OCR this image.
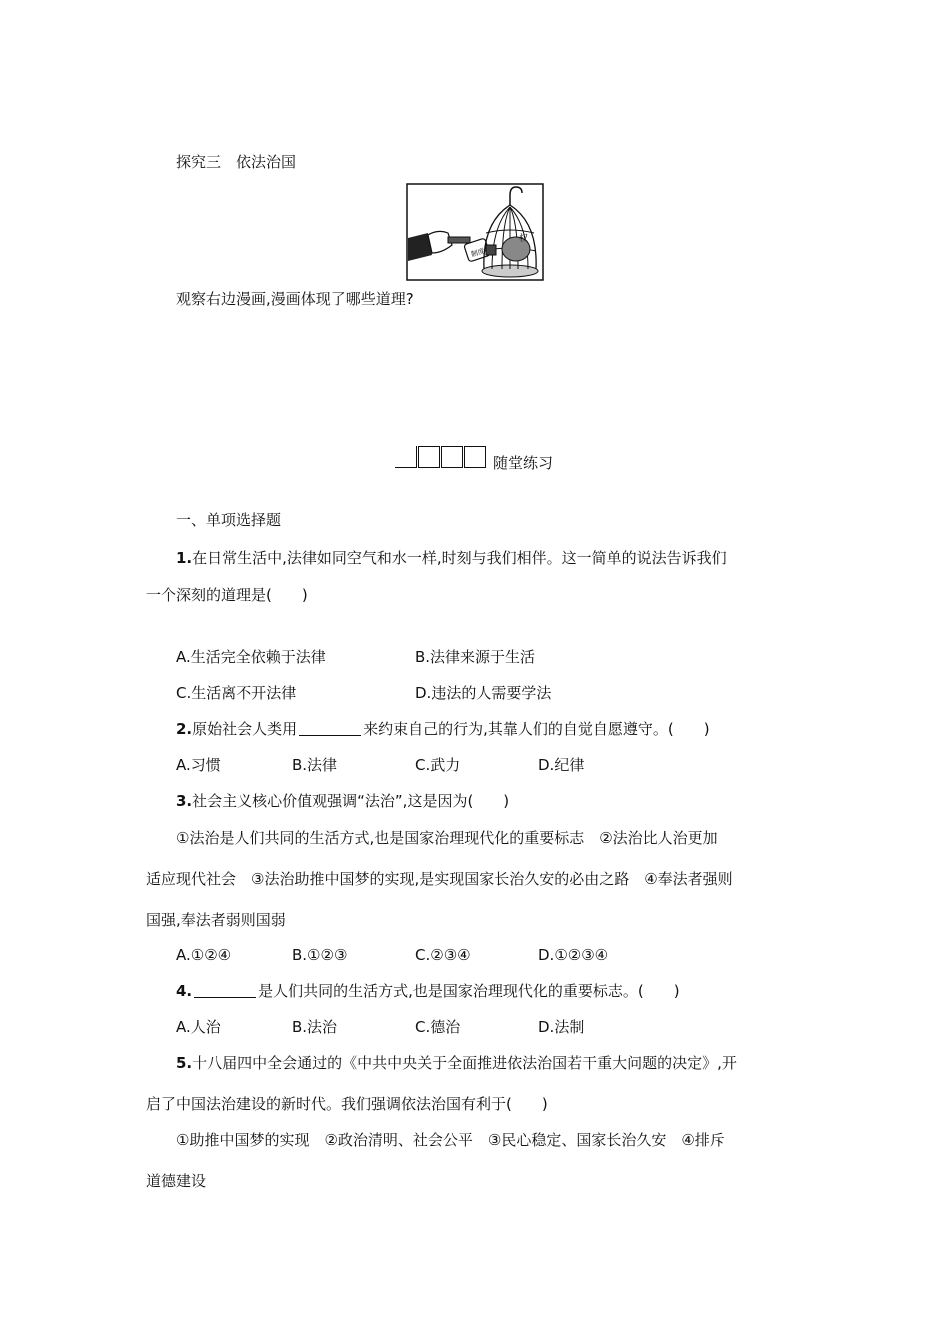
探究三　依法治国
制度
权
观察右边漫画,漫画体现了哪些道理?
随堂练习
一、单项选择题
1.在日常生活中,法律如同空气和水一样,时刻与我们相伴。这一简单的说法告诉我们
一个深刻的道理是(　　)
A.生活完全依赖于法律	B.法律来源于生活
C.生活离不开法律	D.违法的人需要学法
2.原始社会人类用	来约束自己的行为,其靠人们的自觉自愿遵守。(　　)
A.习惯	B.法律	C.武力	D.纪律
3.社会主义核心价值观强调“法治”,这是因为(　　)
①法治是人们共同的生活方式,也是国家治理现代化的重要标志　②法治比人治更加
适应现代社会　③法治助推中国梦的实现,是实现国家长治久安的必由之路　④奉法者强则
国强,奉法者弱则国弱
A.①②④	B.①②③	C.②③④	D.①②③④
4.	是人们共同的生活方式,也是国家治理现代化的重要标志。(　　)
A.人治	B.法治	C.德治	D.法制
5.十八届四中全会通过的《中共中央关于全面推进依法治国若干重大问题的决定》,开
启了中国法治建设的新时代。我们强调依法治国有利于(　　)
①助推中国梦的实现　②政治清明、社会公平　③民心稳定、国家长治久安　④排斥
道德建设
